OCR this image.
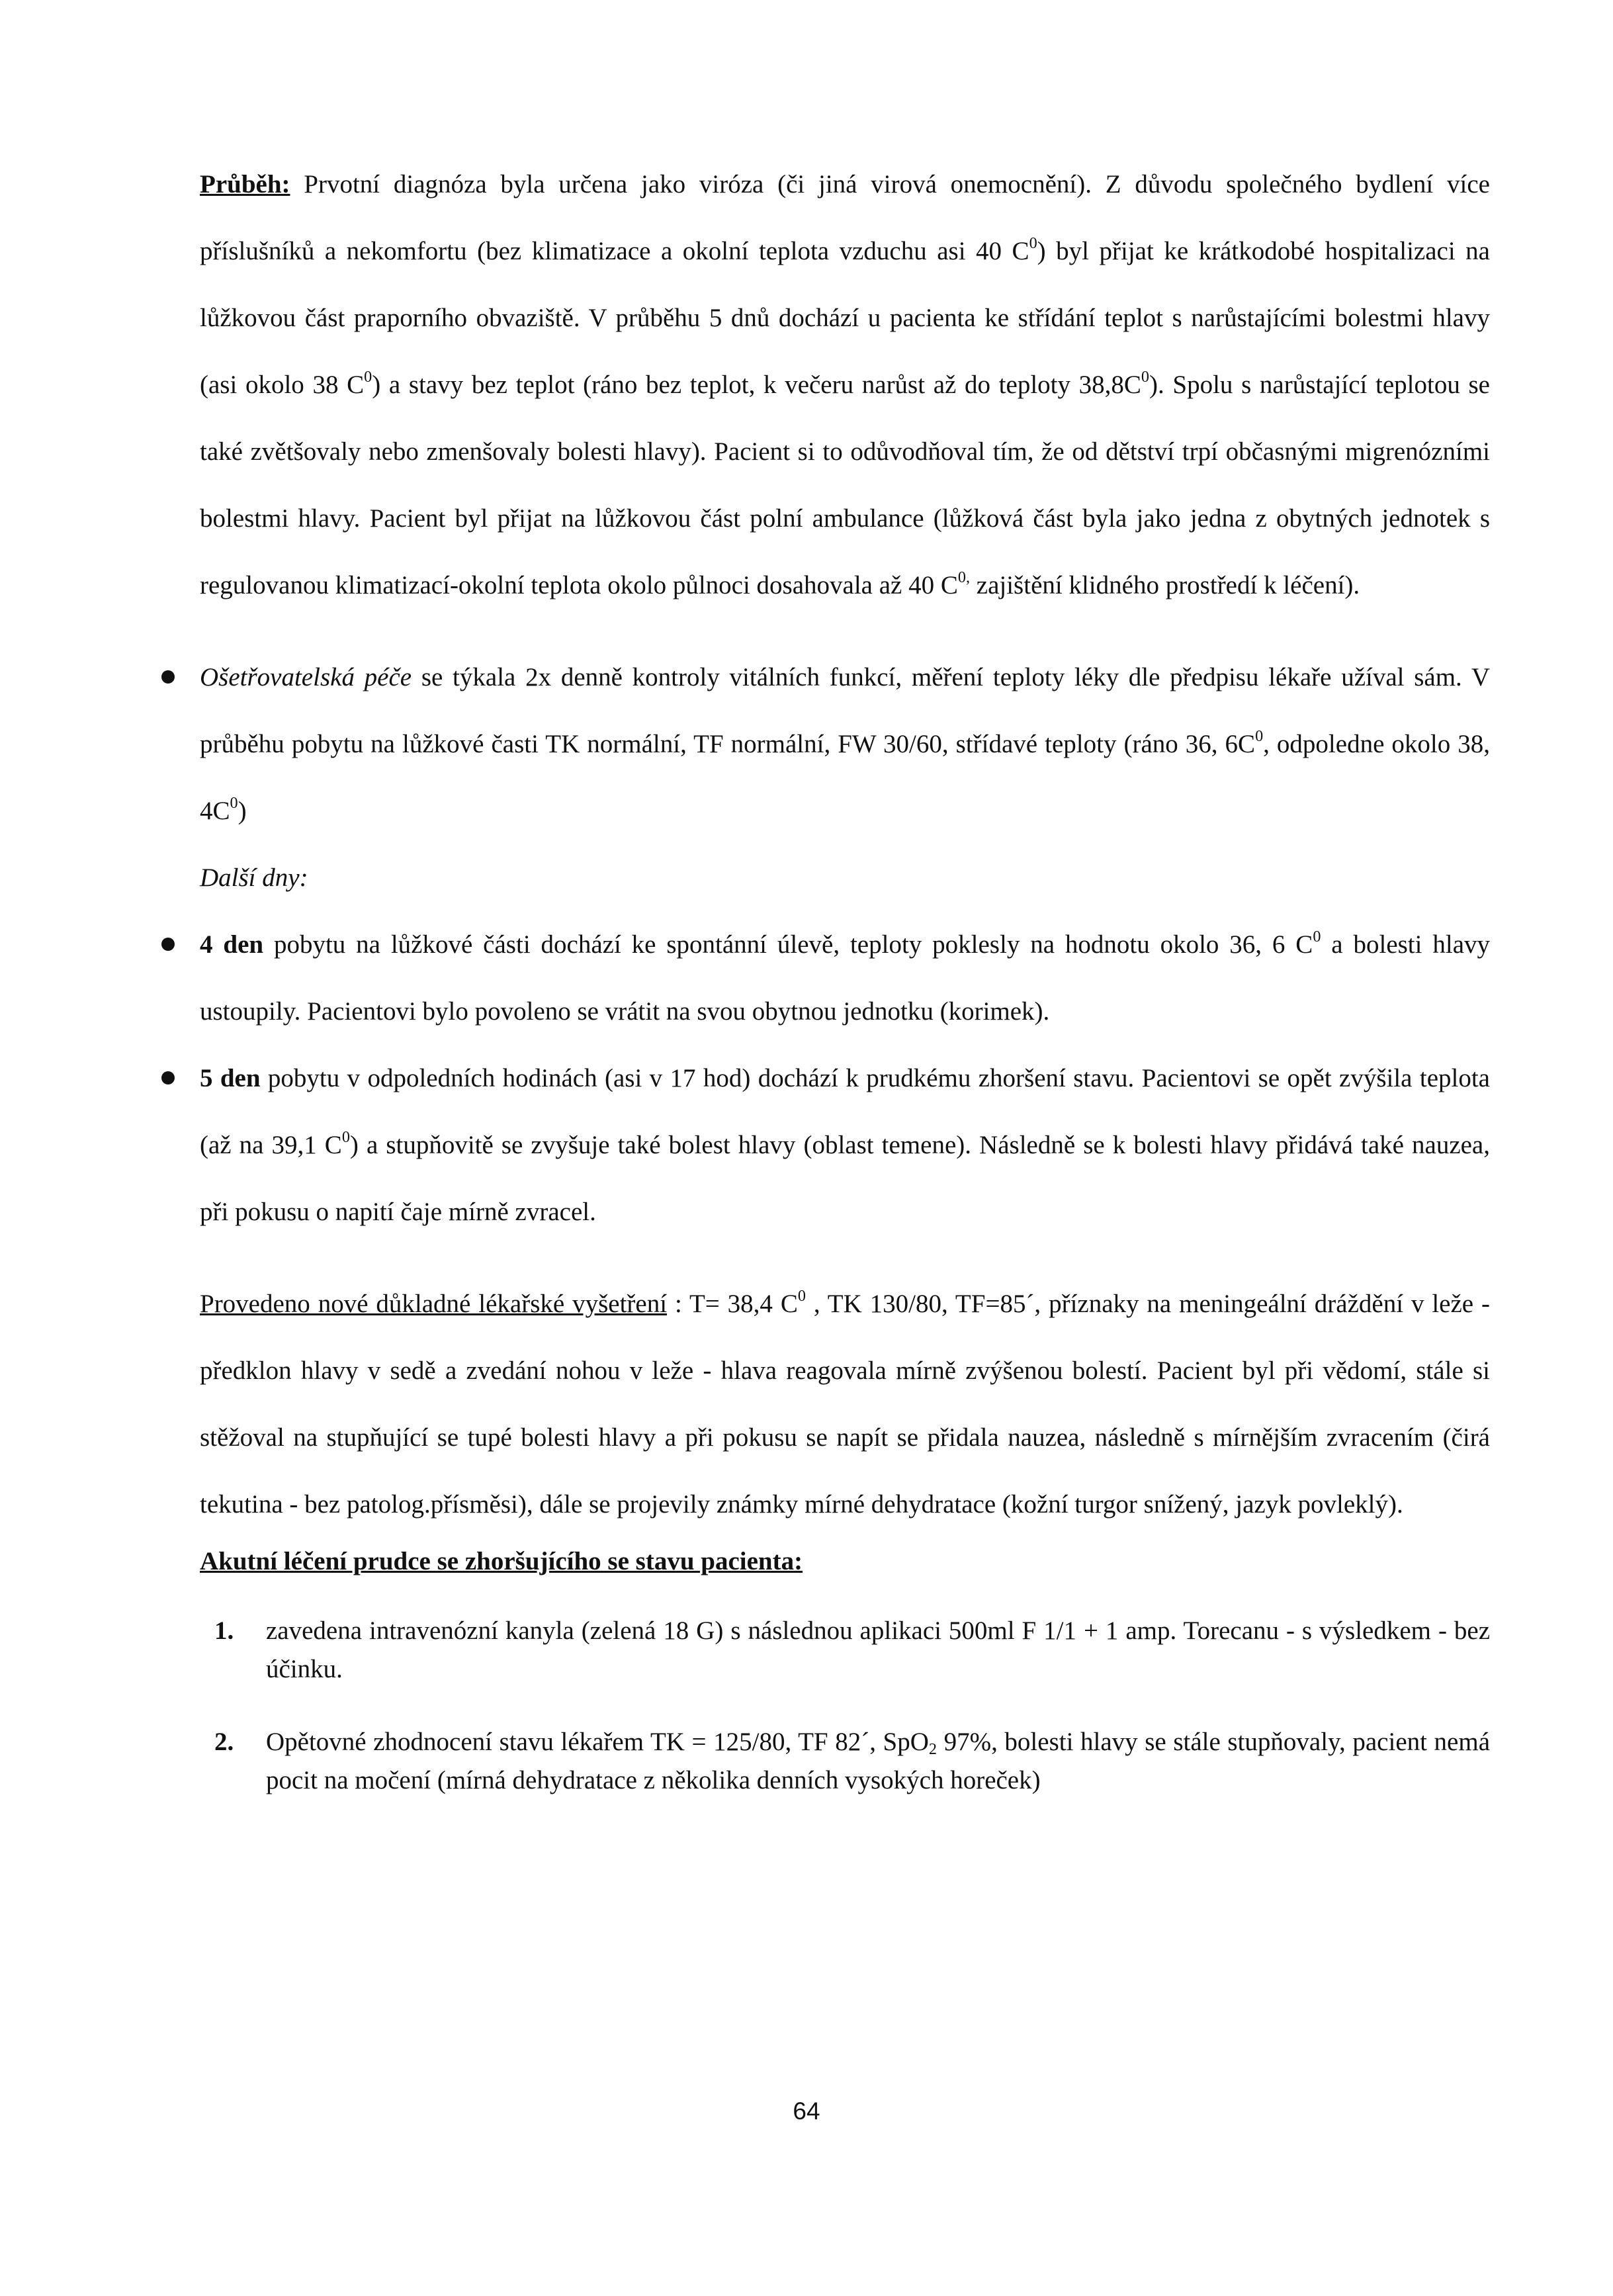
Průběh: Prvotní diagnóza byla určena jako viróza (či jiná virová onemocnění). Z důvodu společného bydlení více příslušníků a nekomfortu (bez klimatizace a okolní teplota vzduchu asi 40 $C^0$) byl přijat ke krátkodobé hospitalizaci na lůžkovou část praporního obvaziště. V průběhu 5 dnů dochází u pacienta ke střídání teplot s narůstajícími bolestmi hlavy (asi okolo 38 $C^0$) a stavy bez teplot (ráno bez teplot, k večeru narůst až do teploty $38,8C^0$). Spolu s narůstající teplotou se také zvětšovaly nebo zmenšovaly bolesti hlavy). Pacient si to odůvodňoval tím, že od dětství trpí občasnými migrenózními bolestmi hlavy. Pacient byl přijat na lůžkovou část polní ambulance (lůžková část byla jako jedna z obytných jednotek s regulovanou klimatizací-okolní teplota okolo půlnoci dosahovala až 40 $C^{0,}$ zajištění klidného prostředí k léčení).

Ošetřovatelská péče se týkala 2x denně kontroly vitálních funkcí, měření teploty léky dle předpisu lékaře užíval sám. V průběhu pobytu na lůžkové časti TK normální, TF normální, FW 30/60, střídavé teploty (ráno 36, $6C^0$, odpoledne okolo 38, $4C^0$)

Další dny:

4 den pobytu na lůžkové části dochází ke spontánní úlevě, teploty poklesly na hodnotu okolo 36, 6 $C^0$ a bolesti hlavy ustoupily. Pacientovi bylo povoleno se vrátit na svou obytnou jednotku (korimek).

5 den pobytu v odpoledních hodinách (asi v 17 hod) dochází k prudkému zhoršení stavu. Pacientovi se opět zvýšila teplota (až na 39,1 $C^0$) a stupňovitě se zvyšuje také bolest hlavy (oblast temene). Následně se k bolesti hlavy přidává také nauzea, při pokusu o napití čaje mírně zvracel.

Provedeno nové důkladné lékařské vyšetření : T= 38,4 $C^0$ , TK 130/80, TF=85´, příznaky na meningeální dráždění v leže - předklon hlavy v sedě a zvedání nohou v leže - hlava reagovala mírně zvýšenou bolestí. Pacient byl při vědomí, stále si stěžoval na stupňující se tupé bolesti hlavy a při pokusu se napít se přidala nauzea, následně s mírnějším zvracením (čirá tekutina - bez patolog.přísměsi), dále se projevily známky mírné dehydratace (kožní turgor snížený, jazyk povleklý).

Akutní léčení prudce se zhoršujícího se stavu pacienta:

1. zavedena intravenózní kanyla (zelená 18 G) s následnou aplikaci 500ml F 1/1 + 1 amp. Torecanu - s výsledkem - bez účinku.
2. Opětovné zhodnocení stavu lékařem TK = 125/80, TF 82´, SpO$_2$ 97%, bolesti hlavy se stále stupňovaly, pacient nemá pocit na močení (mírná dehydratace z několika denních vysokých horeček)
64
